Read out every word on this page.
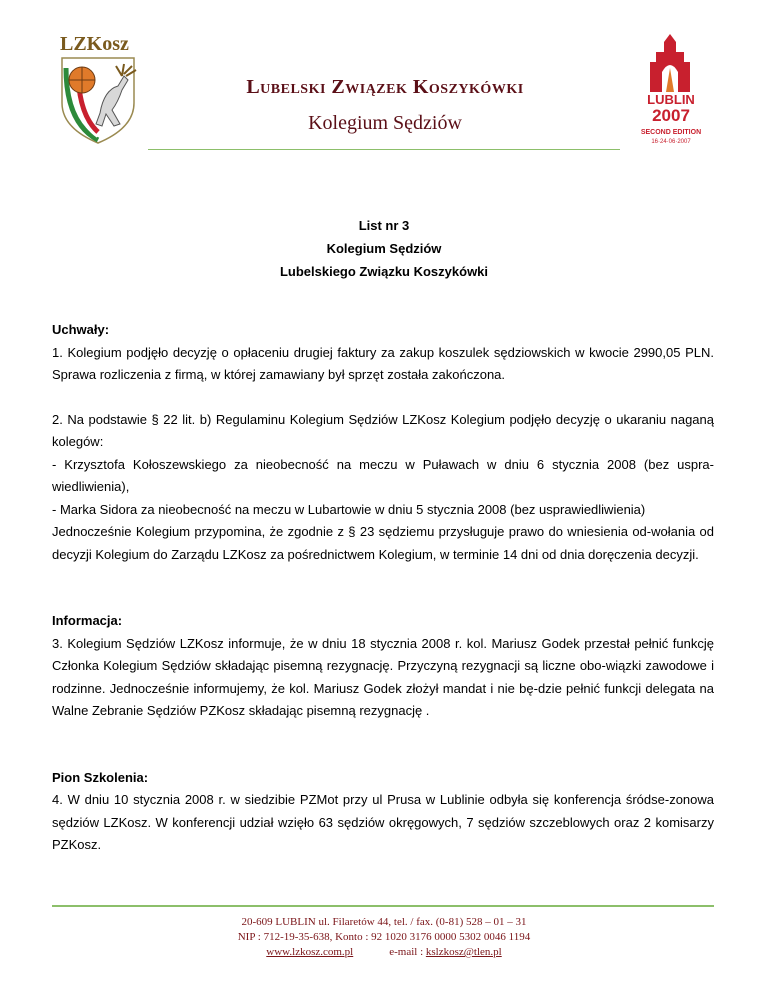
LZKosz
Lubelski Związek Koszykówki
Kolegium Sędziów
LUBLIN
2007
SECOND EDITION
16·24·06·2007
List nr 3
Kolegium Sędziów
Lubelskiego Związku Koszykówki

Uchwały:

1. Kolegium podjęło decyzję o opłaceniu drugiej faktury za zakup koszulek sędziowskich w kwocie 2990,05 PLN. Sprawa rozliczenia z firmą, w której zamawiany był sprzęt została zakończona.

2. Na podstawie § 22 lit. b) Regulaminu Kolegium Sędziów LZKosz Kolegium podjęło decyzję o ukaraniu naganą kolegów:

- Krzysztofa Kołoszewskiego za nieobecność na meczu w Puławach w dniu 6 stycznia 2008 (bez uspra-wiedliwienia),

- Marka Sidora za nieobecność na meczu w Lubartowie w dniu 5 stycznia 2008 (bez usprawiedliwienia)

Jednocześnie Kolegium przypomina, że zgodnie z § 23 sędziemu przysługuje prawo do wniesienia od-wołania od decyzji Kolegium do Zarządu LZKosz za pośrednictwem Kolegium, w terminie 14 dni od dnia doręczenia decyzji.

Informacja:

3. Kolegium Sędziów LZKosz informuje, że w dniu 18 stycznia 2008 r. kol. Mariusz Godek przestał pełnić funkcję Członka Kolegium Sędziów składając pisemną rezygnację. Przyczyną rezygnacji są liczne obo-wiązki zawodowe i rodzinne. Jednocześnie informujemy, że kol. Mariusz Godek złożył mandat i nie bę-dzie pełnić funkcji delegata na Walne Zebranie Sędziów PZKosz składając pisemną rezygnację .

Pion Szkolenia:

4. W dniu 10 stycznia 2008 r. w siedzibie PZMot przy ul Prusa w Lublinie odbyła się konferencja śródse-zonowa sędziów LZKosz. W konferencji udział wzięło 63 sędziów okręgowych, 7 sędziów szczeblowych oraz 2 komisarzy PZKosz.

20-609 LUBLIN ul. Filaretów 44, tel. / fax. (0-81) 528 – 01 – 31
NIP : 712-19-35-638, Konto : 92 1020 3176 0000 5302 0046 1194
www.lzkosz.com.pl	e-mail : kslzkosz@tlen.pl
